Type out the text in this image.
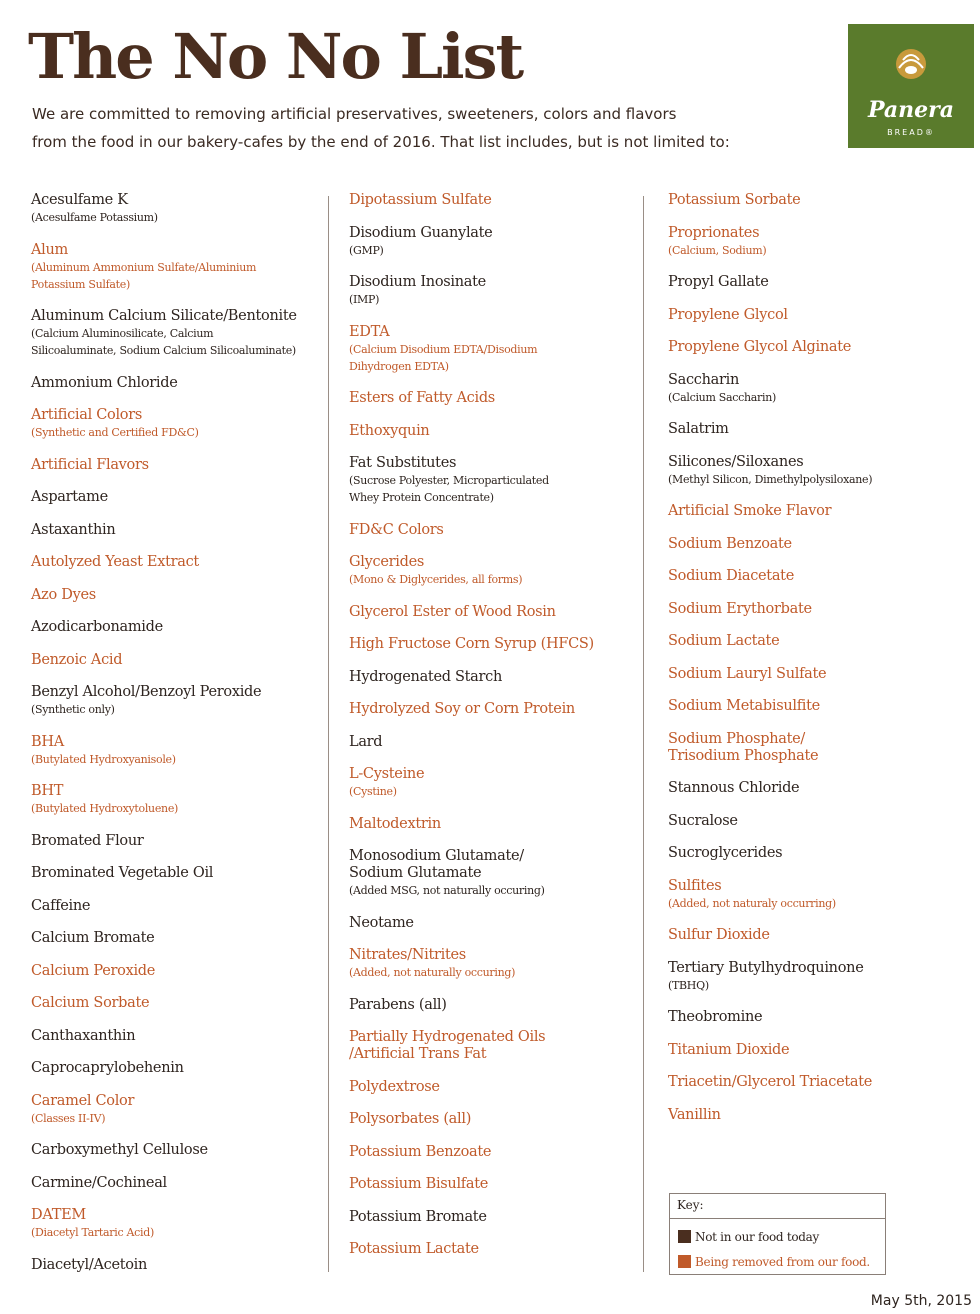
The No No List

We are committed to removing artificial preservatives, sweeteners, colors and flavors

from the food in our bakery-cafes by the end of 2016. That list includes, but is not limited to:

Panera
BREAD®
Acesulfame K
(Acesulfame Potassium)
Alum
(Aluminum Ammonium Sulfate/Aluminium
Potassium Sulfate)
Aluminum Calcium Silicate/Bentonite
(Calcium Aluminosilicate, Calcium
Silicoaluminate, Sodium Calcium Silicoaluminate)
Ammonium Chloride
Artificial Colors
(Synthetic and Certified FD&C)
Artificial Flavors
Aspartame
Astaxanthin
Autolyzed Yeast Extract
Azo Dyes
Azodicarbonamide
Benzoic Acid
Benzyl Alcohol/Benzoyl Peroxide
(Synthetic only)
BHA
(Butylated Hydroxyanisole)
BHT
(Butylated Hydroxytoluene)
Bromated Flour
Brominated Vegetable Oil
Caffeine
Calcium Bromate
Calcium Peroxide
Calcium Sorbate
Canthaxanthin
Caprocaprylobehenin
Caramel Color
(Classes II-IV)
Carboxymethyl Cellulose
Carmine/Cochineal
DATEM
(Diacetyl Tartaric Acid)
Diacetyl/Acetoin
Dipotassium Sulfate
Disodium Guanylate
(GMP)
Disodium Inosinate
(IMP)
EDTA
(Calcium Disodium EDTA/Disodium
Dihydrogen EDTA)
Esters of Fatty Acids
Ethoxyquin
Fat Substitutes
(Sucrose Polyester, Microparticulated
Whey Protein Concentrate)
FD&C Colors
Glycerides
(Mono & Diglycerides, all forms)
Glycerol Ester of Wood Rosin
High Fructose Corn Syrup (HFCS)
Hydrogenated Starch
Hydrolyzed Soy or Corn Protein
Lard
L-Cysteine
(Cystine)
Maltodextrin
Monosodium Glutamate/
Sodium Glutamate
(Added MSG, not naturally occuring)
Neotame
Nitrates/Nitrites
(Added, not naturally occuring)
Parabens (all)
Partially Hydrogenated Oils
/Artificial Trans Fat
Polydextrose
Polysorbates (all)
Potassium Benzoate
Potassium Bisulfate
Potassium Bromate
Potassium Lactate
Potassium Sorbate
Proprionates
(Calcium, Sodium)
Propyl Gallate
Propylene Glycol
Propylene Glycol Alginate
Saccharin
(Calcium Saccharin)
Salatrim
Silicones/Siloxanes
(Methyl Silicon, Dimethylpolysiloxane)
Artificial Smoke Flavor
Sodium Benzoate
Sodium Diacetate
Sodium Erythorbate
Sodium Lactate
Sodium Lauryl Sulfate
Sodium Metabisulfite
Sodium Phosphate/
Trisodium Phosphate
Stannous Chloride
Sucralose
Sucroglycerides
Sulfites
(Added, not naturaly occurring)
Sulfur Dioxide
Tertiary Butylhydroquinone
(TBHQ)
Theobromine
Titanium Dioxide
Triacetin/Glycerol Triacetate
Vanillin
Key:
Not in our food today
Being removed from our food.
May 5th, 2015
